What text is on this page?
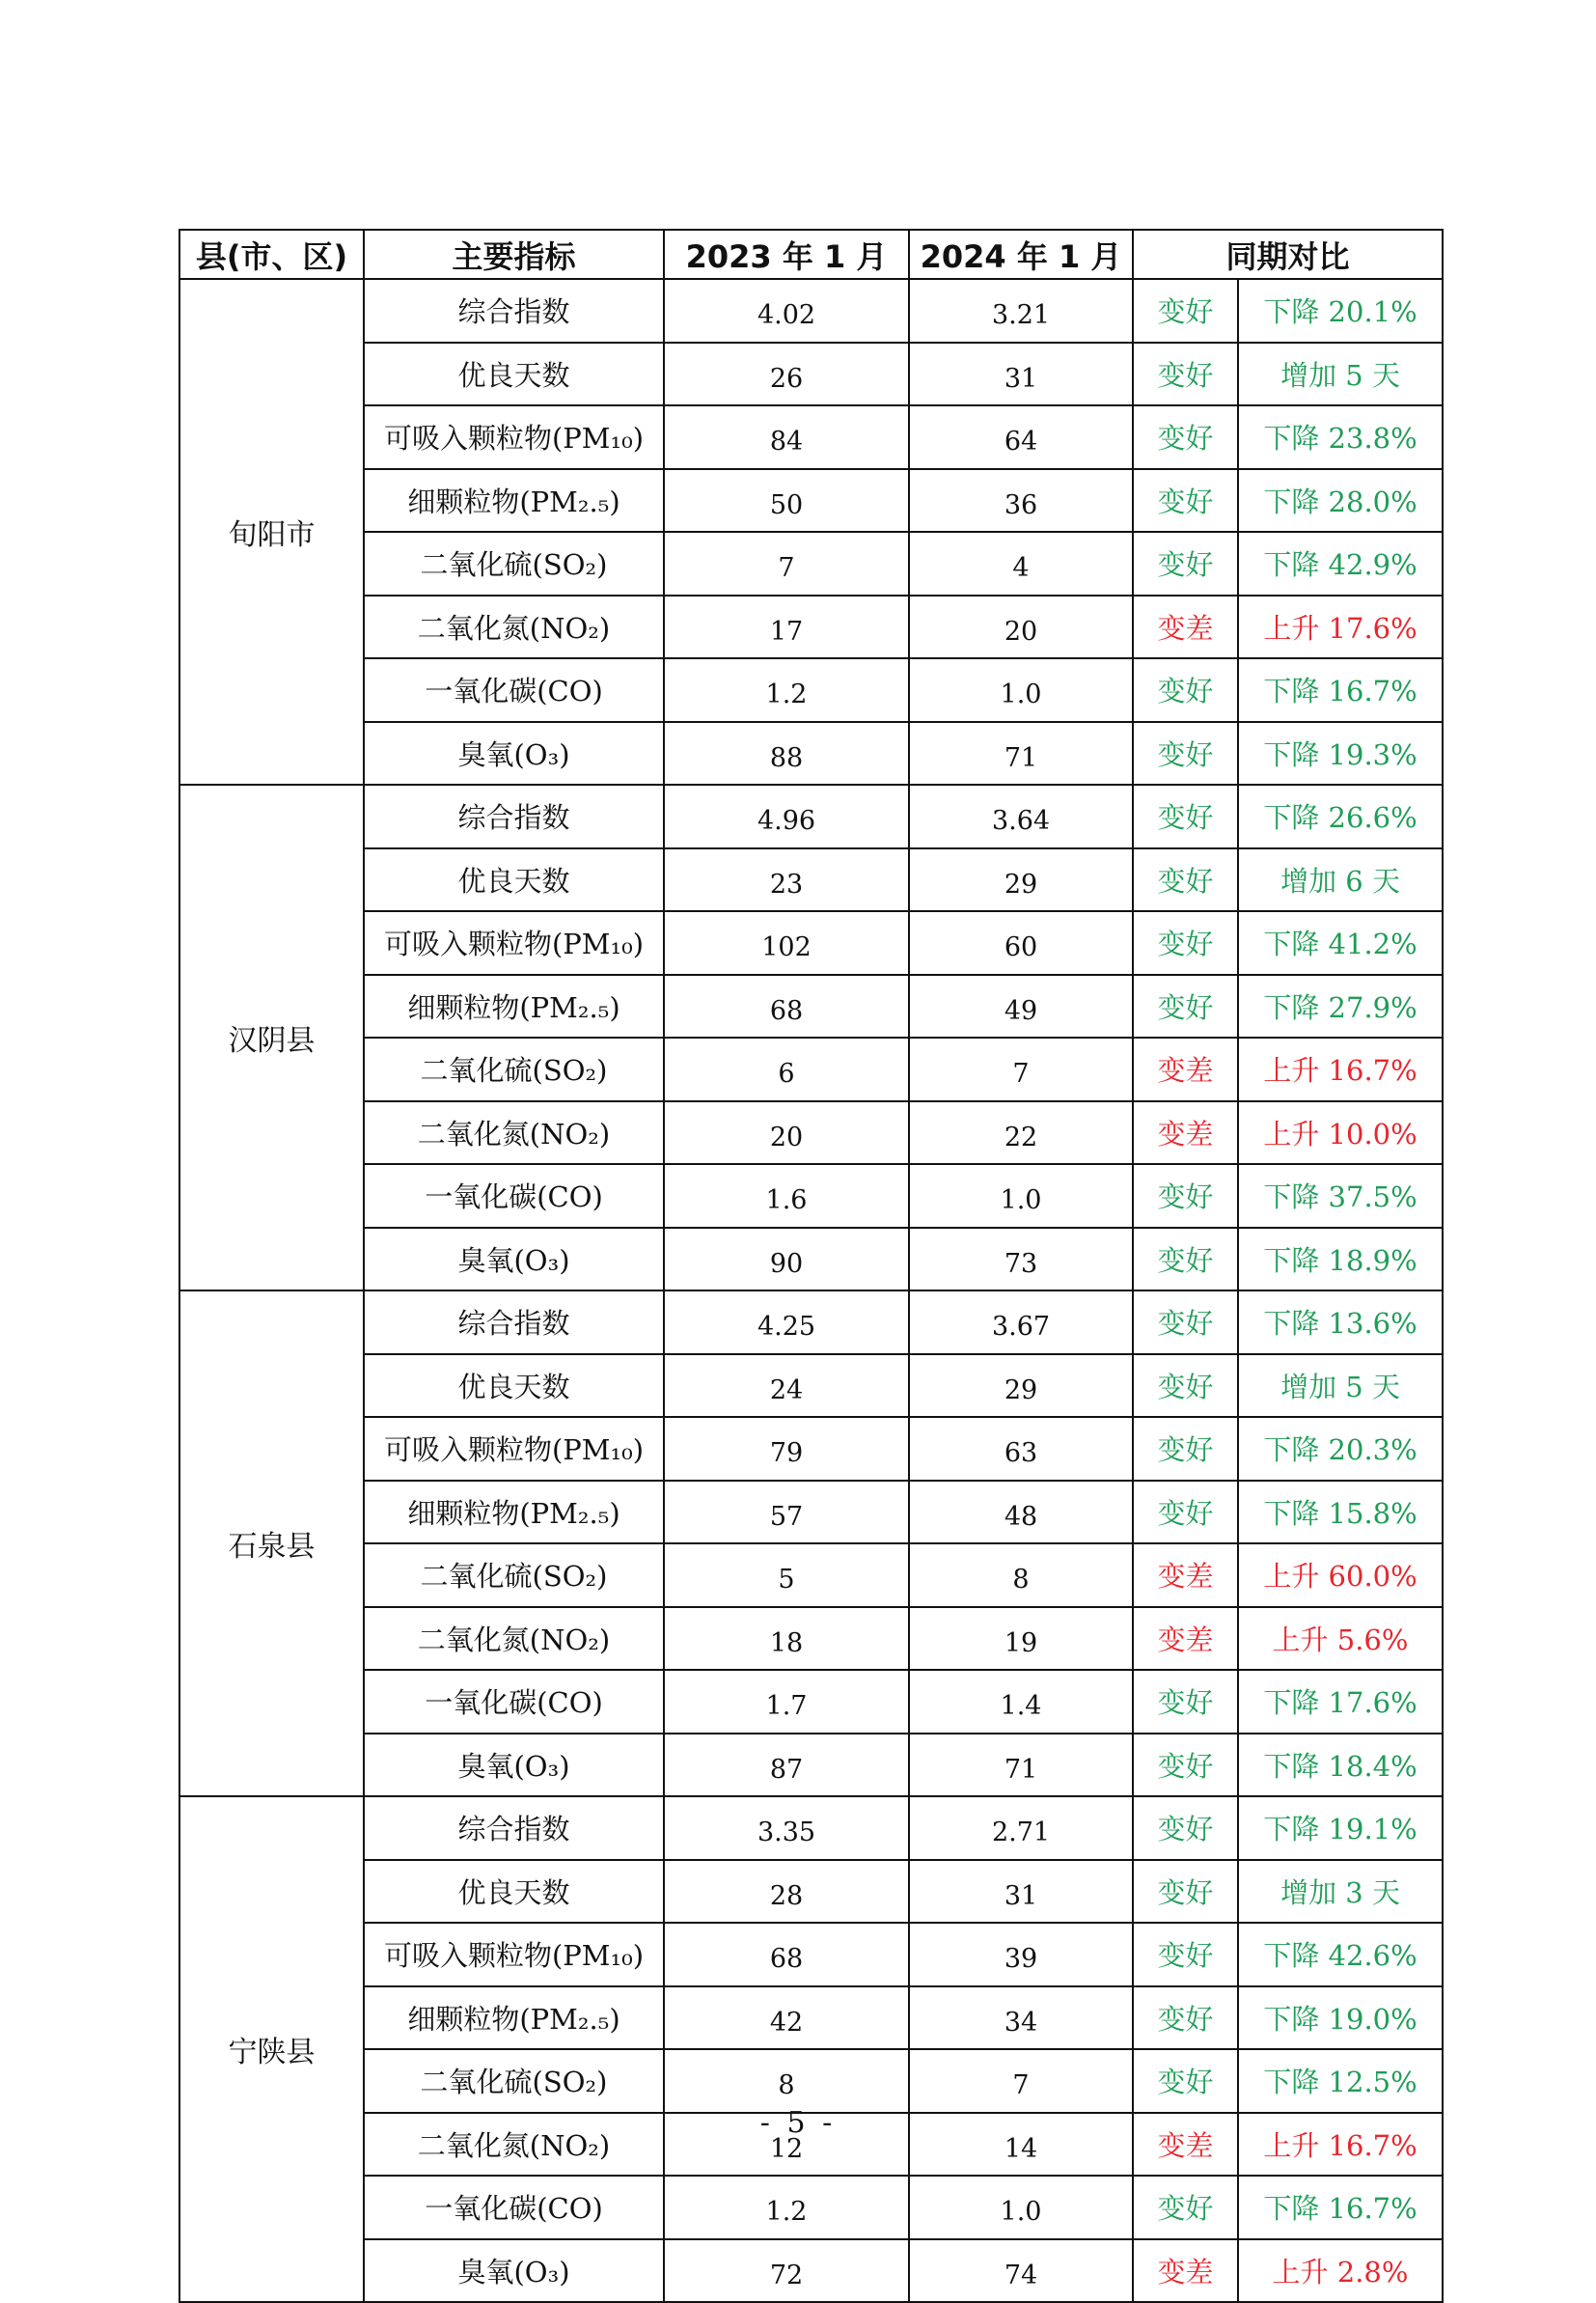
县(市、区)	主要指标	2023 年 1 月	2024 年 1 月	同期对比	
旬阳市	综合指数	4.02	3.21	变好	下降 20.1%
	优良天数	26	31	变好	增加 5 天
	可吸入颗粒物(PM₁₀)	84	64	变好	下降 23.8%
	细颗粒物(PM₂.₅)	50	36	变好	下降 28.0%
	二氧化硫(SO₂)	7	4	变好	下降 42.9%
	二氧化氮(NO₂)	17	20	变差	上升 17.6%
	一氧化碳(CO)	1.2	1.0	变好	下降 16.7%
	臭氧(O₃)	88	71	变好	下降 19.3%
汉阴县	综合指数	4.96	3.64	变好	下降 26.6%
	优良天数	23	29	变好	增加 6 天
	可吸入颗粒物(PM₁₀)	102	60	变好	下降 41.2%
	细颗粒物(PM₂.₅)	68	49	变好	下降 27.9%
	二氧化硫(SO₂)	6	7	变差	上升 16.7%
	二氧化氮(NO₂)	20	22	变差	上升 10.0%
	一氧化碳(CO)	1.6	1.0	变好	下降 37.5%
	臭氧(O₃)	90	73	变好	下降 18.9%
石泉县	综合指数	4.25	3.67	变好	下降 13.6%
	优良天数	24	29	变好	增加 5 天
	可吸入颗粒物(PM₁₀)	79	63	变好	下降 20.3%
	细颗粒物(PM₂.₅)	57	48	变好	下降 15.8%
	二氧化硫(SO₂)	5	8	变差	上升 60.0%
	二氧化氮(NO₂)	18	19	变差	上升 5.6%
	一氧化碳(CO)	1.7	1.4	变好	下降 17.6%
	臭氧(O₃)	87	71	变好	下降 18.4%
宁陕县	综合指数	3.35	2.71	变好	下降 19.1%
	优良天数	28	31	变好	增加 3 天
	可吸入颗粒物(PM₁₀)	68	39	变好	下降 42.6%
	细颗粒物(PM₂.₅)	42	34	变好	下降 19.0%
	二氧化硫(SO₂)	8	7	变好	下降 12.5%
	二氧化氮(NO₂)	12	14	变差	上升 16.7%
	一氧化碳(CO)	1.2	1.0	变好	下降 16.7%
	臭氧(O₃)	72	74	变差	上升 2.8%
- 5 -
